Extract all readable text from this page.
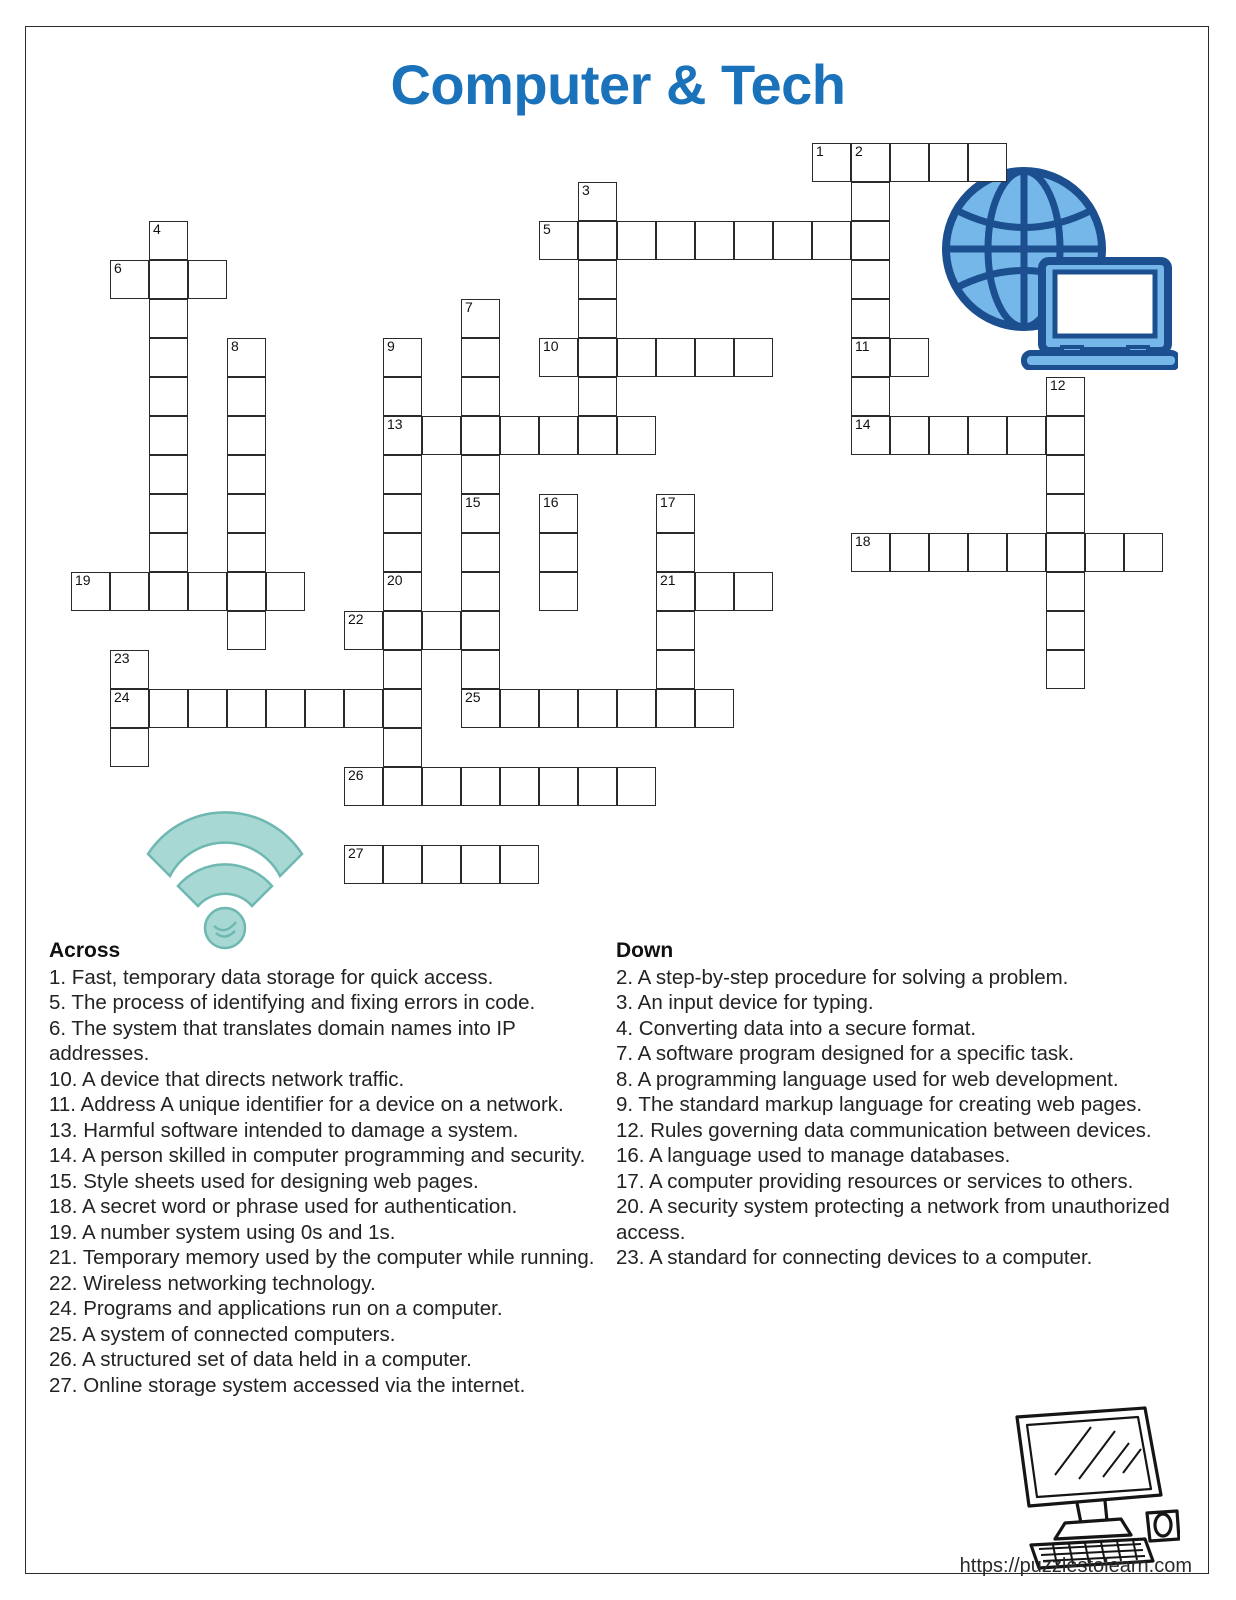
Computer & Tech
1 2
11
14
3
4	5
6
7
15
8	9
13
10
12
25
16	17
21
18
19	20
22
23
24
26
27
Across

1. Fast, temporary data storage for quick access.

5. The process of identifying and fixing errors in code.

6. The system that translates domain names into IP addresses.

10. A device that directs network traffic.

11. Address A unique identifier for a device on a network.

13. Harmful software intended to damage a system.

14. A person skilled in computer programming and security.

15. Style sheets used for designing web pages.

18. A secret word or phrase used for authentication.

19. A number system using 0s and 1s.

21. Temporary memory used by the computer while running.

22. Wireless networking technology.

24. Programs and applications run on a computer.

25. A system of connected computers.

26. A structured set of data held in a computer.

27. Online storage system accessed via the internet.

Down

2. A step-by-step procedure for solving a problem.

3. An input device for typing.

4. Converting data into a secure format.

7. A software program designed for a specific task.

8. A programming language used for web development.

9. The standard markup language for creating web pages.

12. Rules governing data communication between devices.

16. A language used to manage databases.

17. A computer providing resources or services to others.

20. A security system protecting a network from unauthorized access.

23. A standard for connecting devices to a computer.

https://puzzlestolearn.com
